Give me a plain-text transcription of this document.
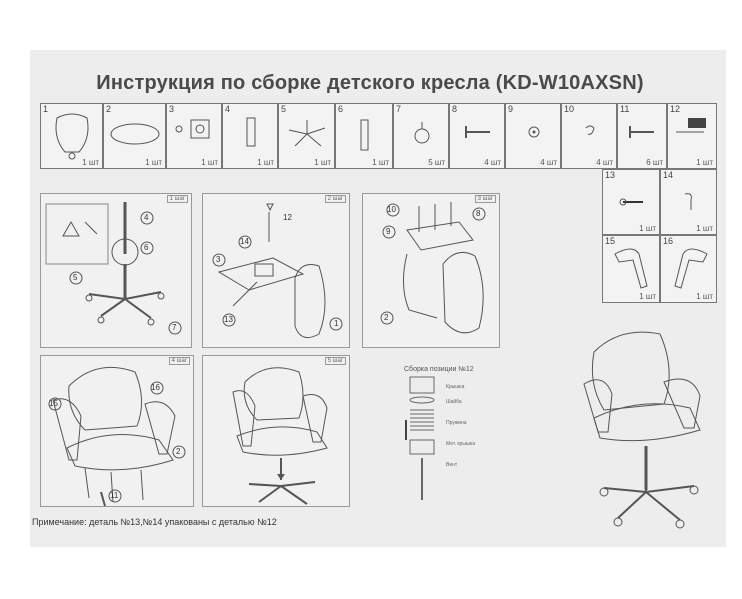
Инструкция по сборке детского кресла (KD-W10AXSN)
1
1 шт
2
1 шт
3
1 шт
4
1 шт
5
1 шт
6
1 шт
7
5 шт
8
4 шт
9
4 шт
10
4 шт
11
6 шт
12
1 шт
13
1 шт
14
1 шт
15
1 шт
16
1 шт
1 шаг
4
6
5
7
2 шаг
12
14
3
13	1
3 шаг
10
9
8
2
4 шаг
15
16
2
11
5 шаг
Сборка позиции №12
Крышка
Шайба
Пружина
Мет. крышка
Винт
Примечание: деталь №13,№14 упакованы с деталью №12
